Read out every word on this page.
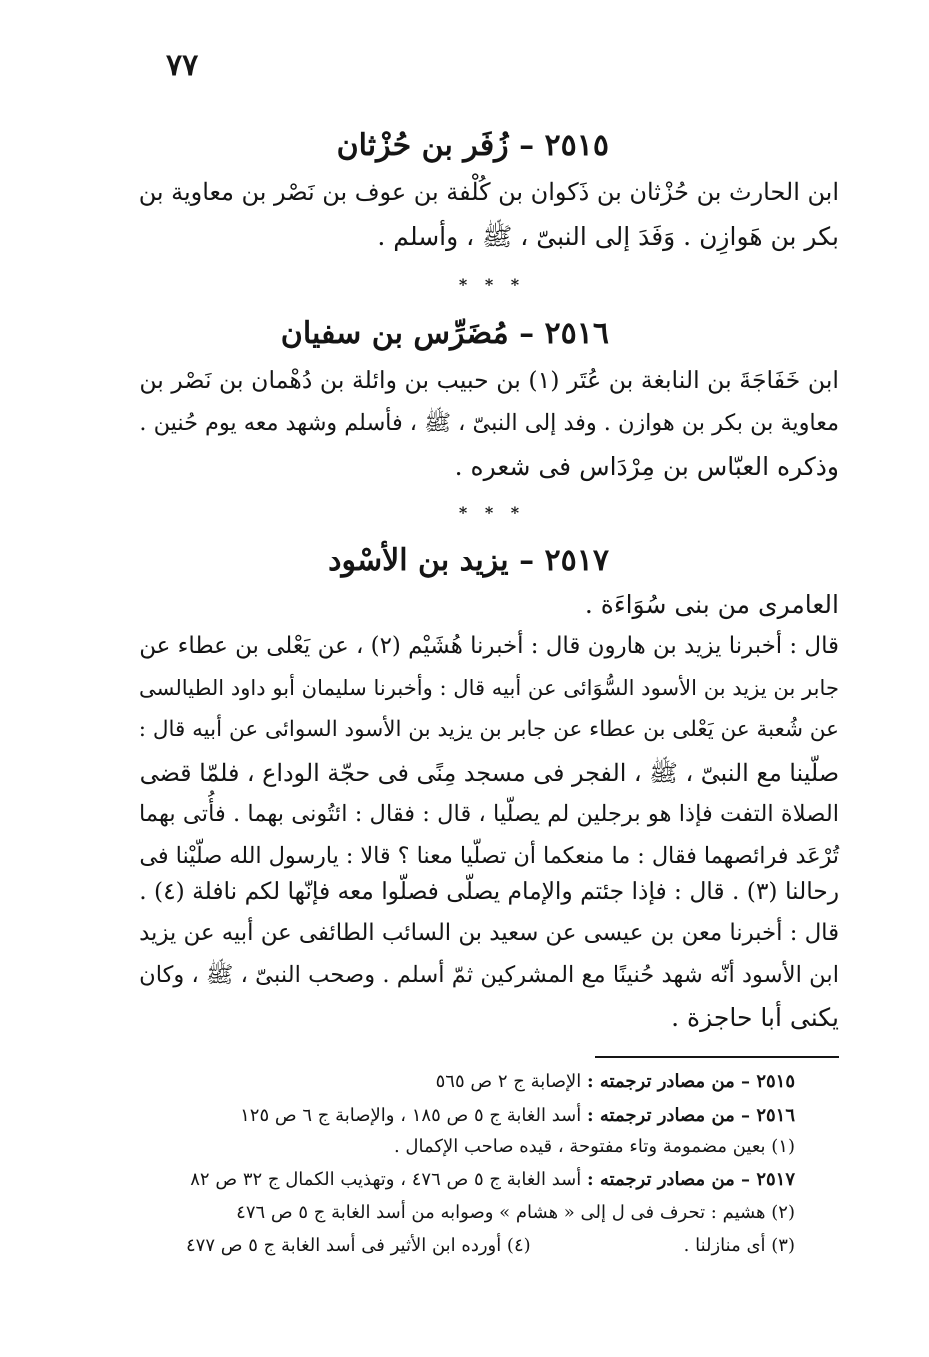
٧٧
٢٥١٥ – زُفَر بن حُزْثان
ابن الحارث بن حُزْثان بن ذَكوان بن كُلْفة بن عوف بن نَصْر بن معاوية بن
بكر بن هَوازِن . وَفَدَ إلى النبىّ ، ﷺ ، وأسلم .
* * *
٢٥١٦ – مُضَرِّس بن سفيان
ابن خَفَاجَةَ بن النابغة بن عُتَر (١) بن حبيب بن وائلة بن دُهْمان بن نَصْر بن
معاوية بن بكر بن هوازن . وفد إلى النبىّ ، ﷺ ، فأسلم وشهد معه يوم حُنين .
وذكره العبّاس بن مِرْدَاس فى شعره .
* * *
٢٥١٧ – يزيد بن الأسْود
العامرى من بنى سُوَاءَة .
قال : أخبرنا يزيد بن هارون قال : أخبرنا هُشَيْم (٢) ، عن يَعْلى بن عطاء عن
جابر بن يزيد بن الأسود السُّوَائى عن أبيه قال : وأخبرنا سليمان أبو داود الطيالسى
عن شُعبة عن يَعْلى بن عطاء عن جابر بن يزيد بن الأسود السوائى عن أبيه قال :
صلّينا مع النبىّ ، ﷺ ، الفجر فى مسجد مِنًى فى حجّة الوداع ، فلمّا قضى
الصلاة التفت فإذا هو برجلين لم يصلّيا ، قال : فقال : ائتُونى بهما . فأُتى بهما
تُرْعَد فرائصهما فقال : ما منعكما أن تصلّيا معنا ؟ قالا : يارسول الله صلّيْنا فى
رحالنا (٣) . قال : فإذا جئتم والإمام يصلّى فصلّوا معه فإنّها لكم نافلة (٤) .
قال : أخبرنا معن بن عيسى عن سعيد بن السائب الطائفى عن أبيه عن يزيد
ابن الأسود أنّه شهد حُنينًا مع المشركين ثمّ أسلم . وصحب النبىّ ، ﷺ ، وكان
يكنى أبا حاجزة .
٢٥١٥ – من مصادر ترجمته : الإصابة ج ٢ ص ٥٦٥
٢٥١٦ – من مصادر ترجمته : أسد الغابة ج ٥ ص ١٨٥ ، والإصابة ج ٦ ص ١٢٥
(١) بعين مضمومة وتاء مفتوحة ، قيده صاحب الإكمال .
٢٥١٧ – من مصادر ترجمته : أسد الغابة ج ٥ ص ٤٧٦ ، وتهذيب الكمال ج ٣٢ ص ٨٢
(٢) هشيم : تحرف فى ل إلى « هشام » وصوابه من أسد الغابة ج ٥ ص ٤٧٦
(٣) أى منازلنا .
(٤) أورده ابن الأثير فى أسد الغابة ج ٥ ص ٤٧٧
